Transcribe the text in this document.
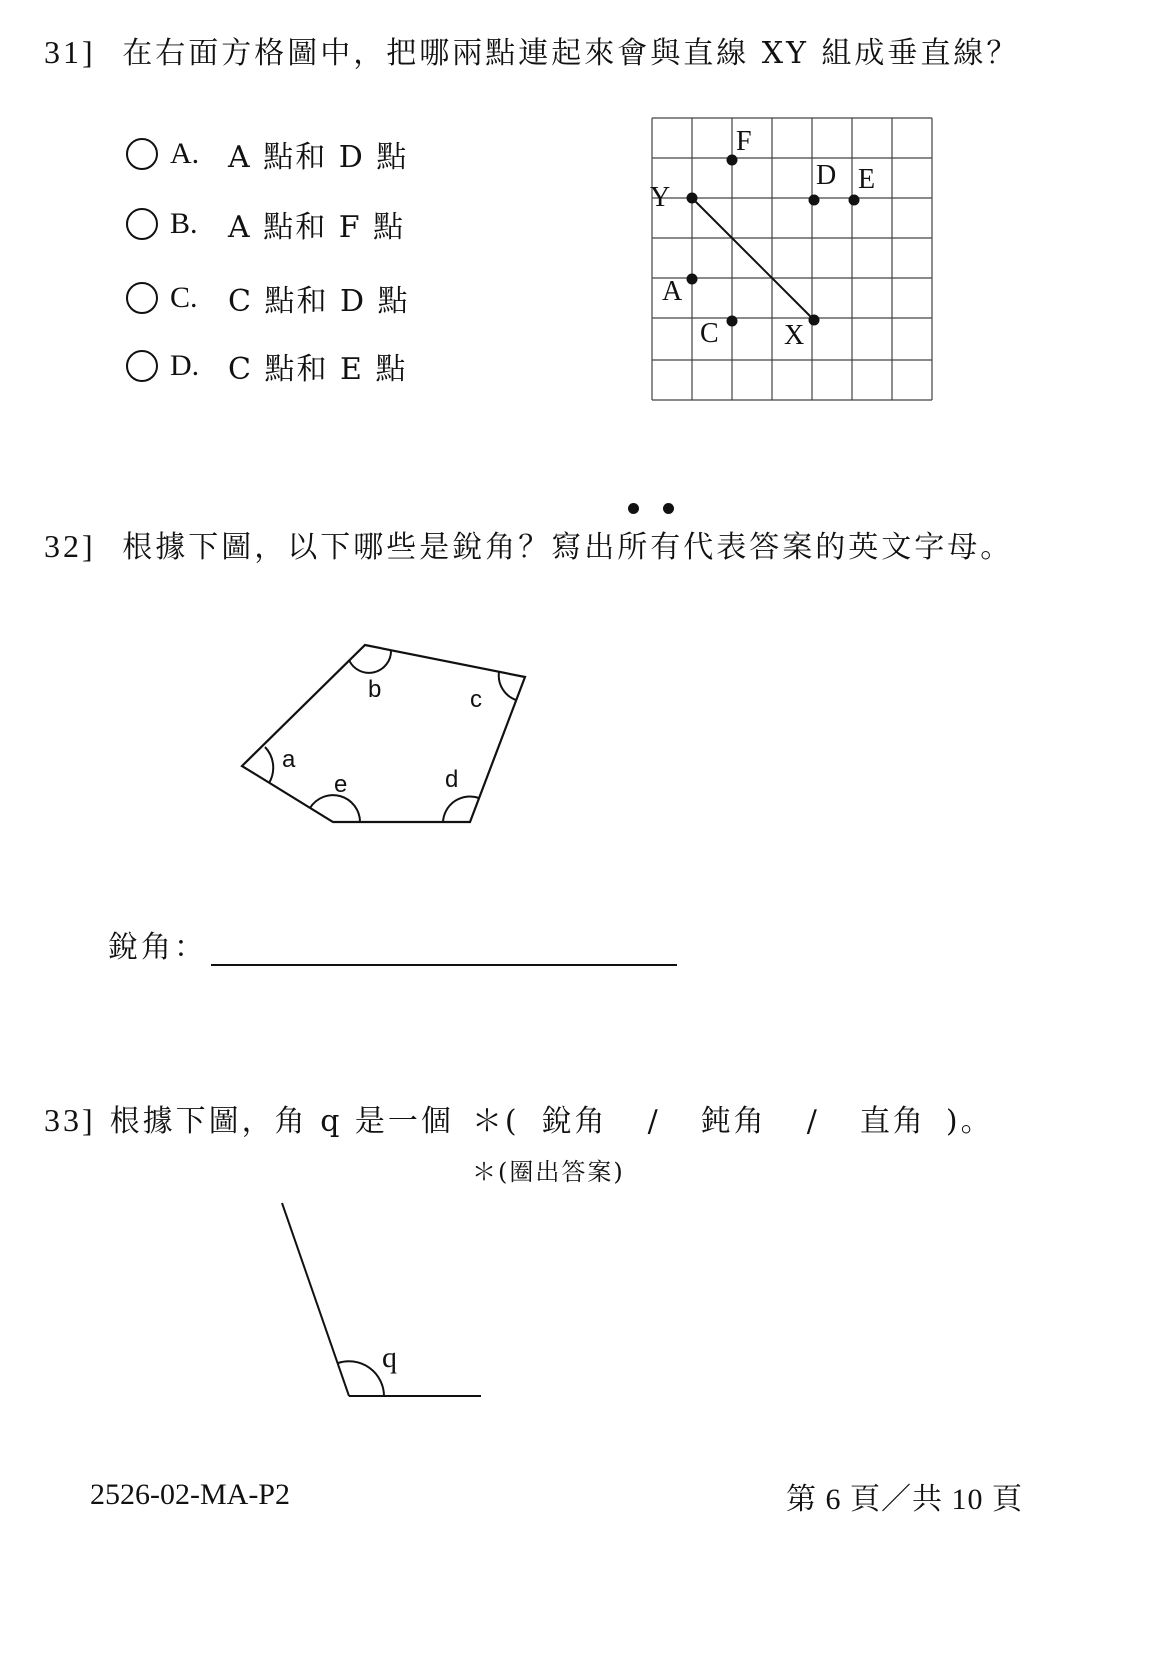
31] 在右面方格圖中，把哪兩點連起來會與直線 XY 組成垂直線？
A. A 點和 D 點
B.	A 點和 F 點
C.	C 點和 D 點
D. C 點和 E 點
F
D E
Y
A
C X
32] 根據下圖，以下哪些是銳角？寫出所有代表答案的英文字母。
b	c
a
e	d
銳角：
33] 根據下圖，角 q 是一個 ＊( 銳角 / 鈍角 / 直角 )。
＊(圈出答案)
q
2526-02-MA-P2	第 6 頁／共 10 頁
